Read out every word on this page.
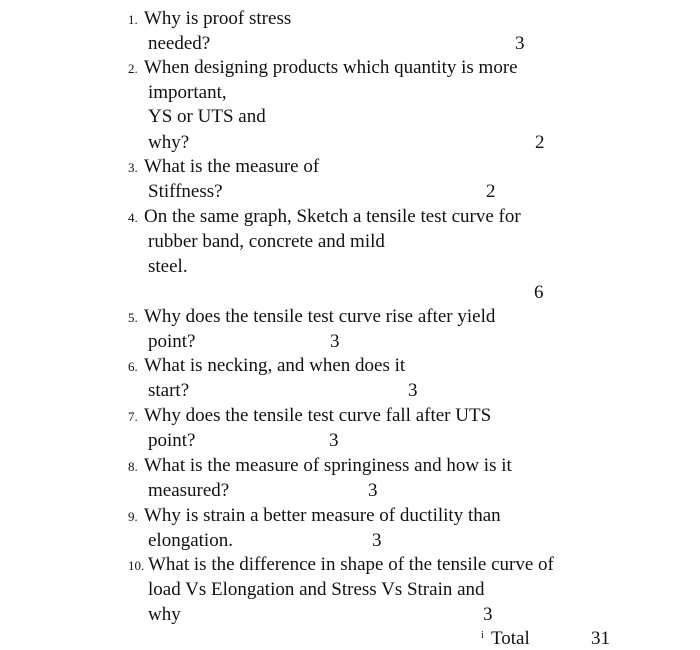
1. Why is proof stress
needed?	3
2. When designing products which quantity is more
important,
YS or UTS and
why?	2
3. What is the measure of
Stiffness?	2
4. On the same graph, Sketch a tensile test curve for
rubber band, concrete and mild
steel.
6
5. Why does the tensile test curve rise after yield
point?	3
6. What is necking, and when does it
start?	3
7. Why does the tensile test curve fall after UTS
point?	3
8. What is the measure of springiness and how is it
measured?	3
9. Why is strain a better measure of ductility than
elongation.	3
10. What is the difference in shape of the tensile curve of
load Vs Elongation and Stress Vs Strain and
why	3
i Total	31
